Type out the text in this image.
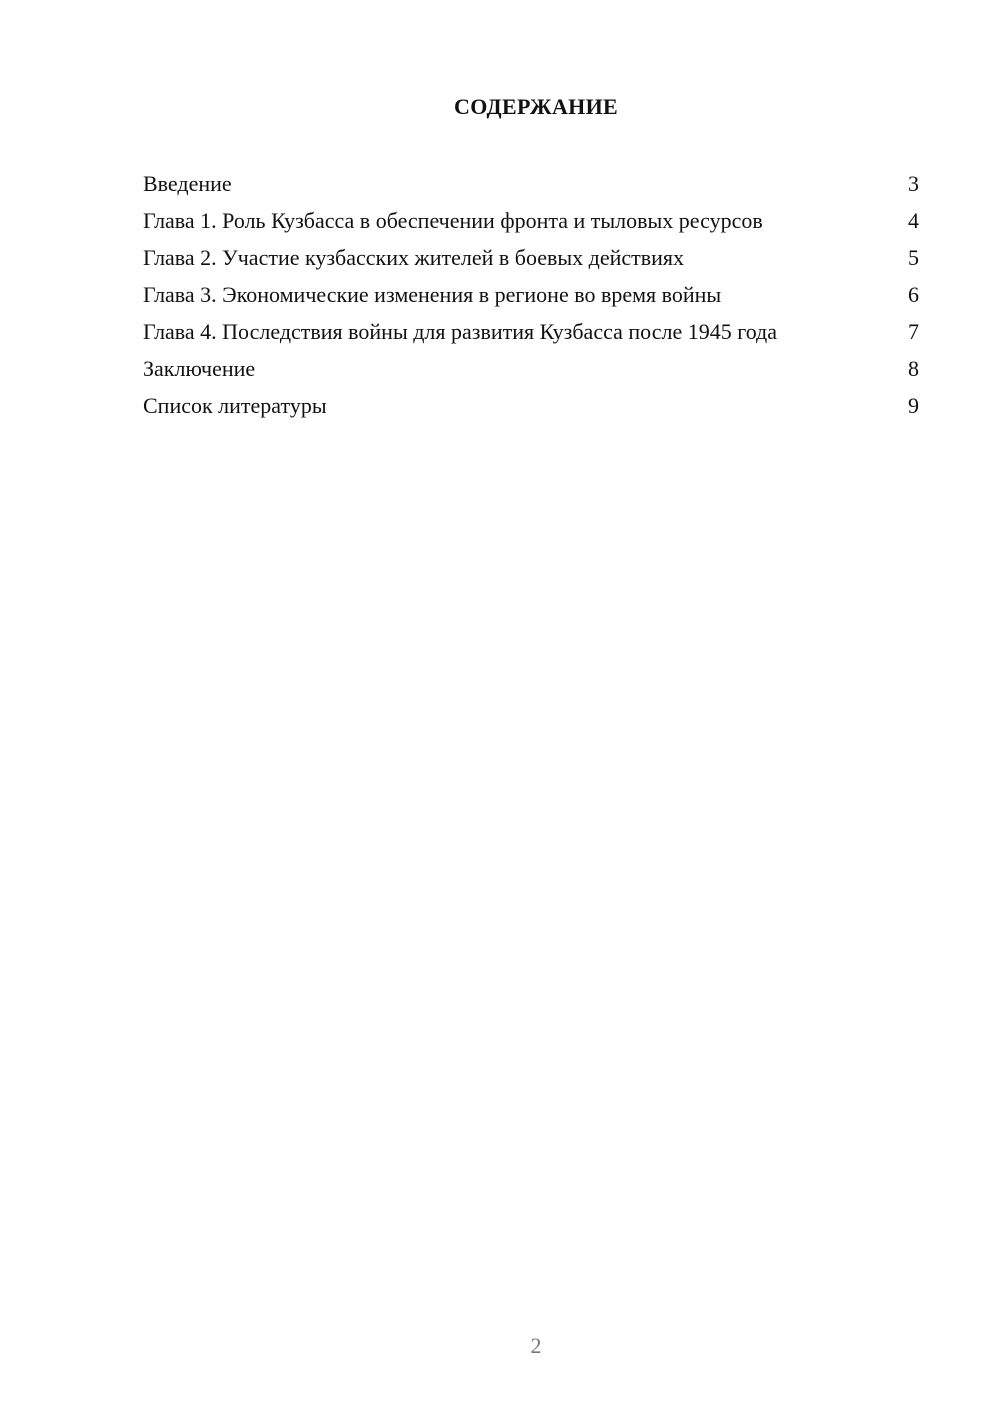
СОДЕРЖАНИЕ
Введение	3
Глава 1. Роль Кузбасса в обеспечении фронта и тыловых ресурсов	4
Глава 2. Участие кузбасских жителей в боевых действиях	5
Глава 3. Экономические изменения в регионе во время войны	6
Глава 4. Последствия войны для развития Кузбасса после 1945 года	7
Заключение	8
Список литературы	9
2
